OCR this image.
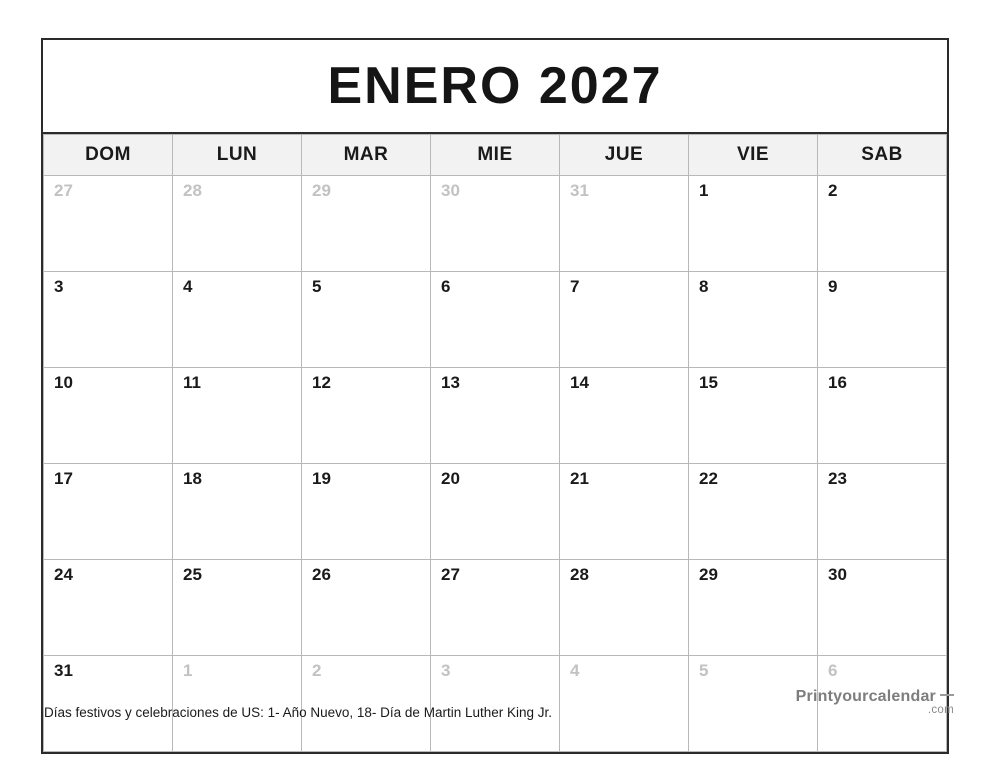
ENERO 2027
DOM	LUN	MAR	MIE	JUE	VIE	SAB
27	28	29	30	31	1	2
3	4	5	6	7	8	9
10	11	12	13	14	15	16
17	18	19	20	21	22	23
24	25	26	27	28	29	30
31	1	2	3	4	5	6
Días festivos y celebraciones de US: 1- Año Nuevo, 18- Día de Martin Luther King Jr.
Printyourcalendar
.com
